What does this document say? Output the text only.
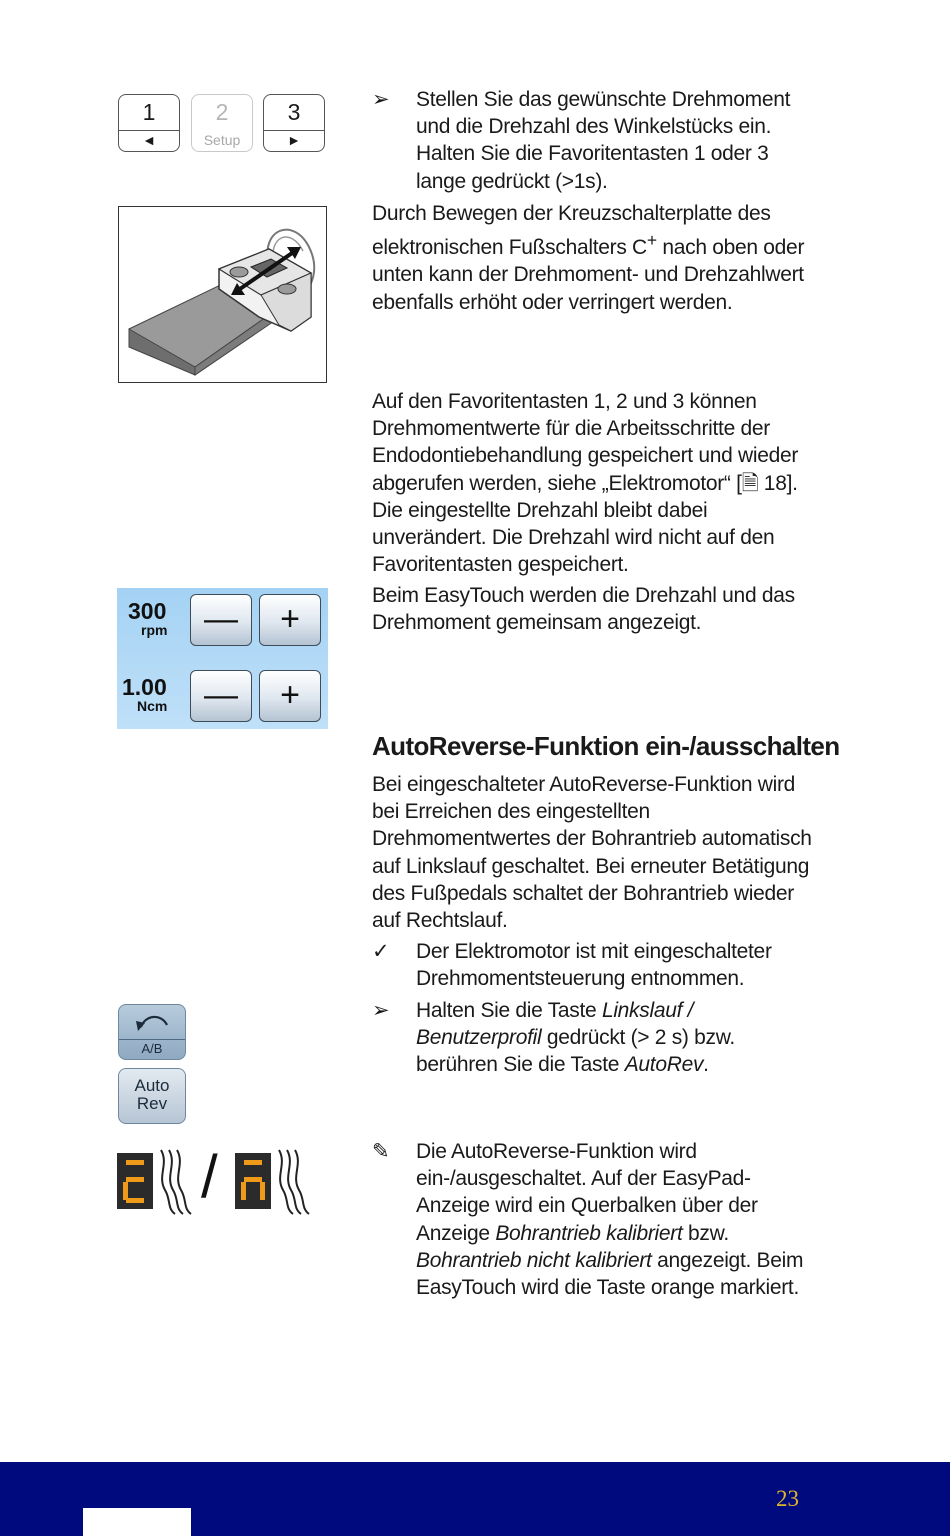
1
◄
2
Setup
3
►
300
rpm	—	+
1.00
Ncm	—	+
A/B
Auto
Rev
/
➢	Stellen Sie das gewünschte Drehmoment und die Drehzahl des Winkelstücks ein. Halten Sie die Favoritentasten 1 oder 3 lange gedrückt (>1s).
Durch Bewegen der Kreuzschalterplatte des elektronischen Fußschalters C+ nach oben oder unten kann der Drehmoment- und Drehzahlwert ebenfalls erhöht oder verringert werden.
Auf den Favoritentasten 1, 2 und 3 können Drehmomentwerte für die Arbeitsschritte der Endodontiebehandlung gespeichert und wieder abgerufen werden, siehe „Elektromotor“ [🗎 18]. Die eingestellte Drehzahl bleibt dabei unverändert. Die Drehzahl wird nicht auf den Favoritentasten gespeichert.
Beim EasyTouch werden die Drehzahl und das Drehmoment gemeinsam angezeigt.
AutoReverse-Funktion ein-/ausschalten
Bei eingeschalteter AutoReverse-Funktion wird bei Erreichen des eingestellten Drehmomentwertes der Bohrantrieb automatisch auf Linkslauf geschaltet. Bei erneuter Betätigung des Fußpedals schaltet der Bohrantrieb wieder auf Rechtslauf.
✓	Der Elektromotor ist mit eingeschalteter Drehmomentsteuerung entnommen.
➢	Halten Sie die Taste Linkslauf / Benutzerprofil gedrückt (> 2 s) bzw. berühren Sie die Taste AutoRev.
✎	Die AutoReverse-Funktion wird ein-/ausgeschaltet. Auf der EasyPad-Anzeige wird ein Querbalken über der Anzeige Bohrantrieb kalibriert bzw. Bohrantrieb nicht kalibriert angezeigt. Beim EasyTouch wird die Taste orange markiert.
23
